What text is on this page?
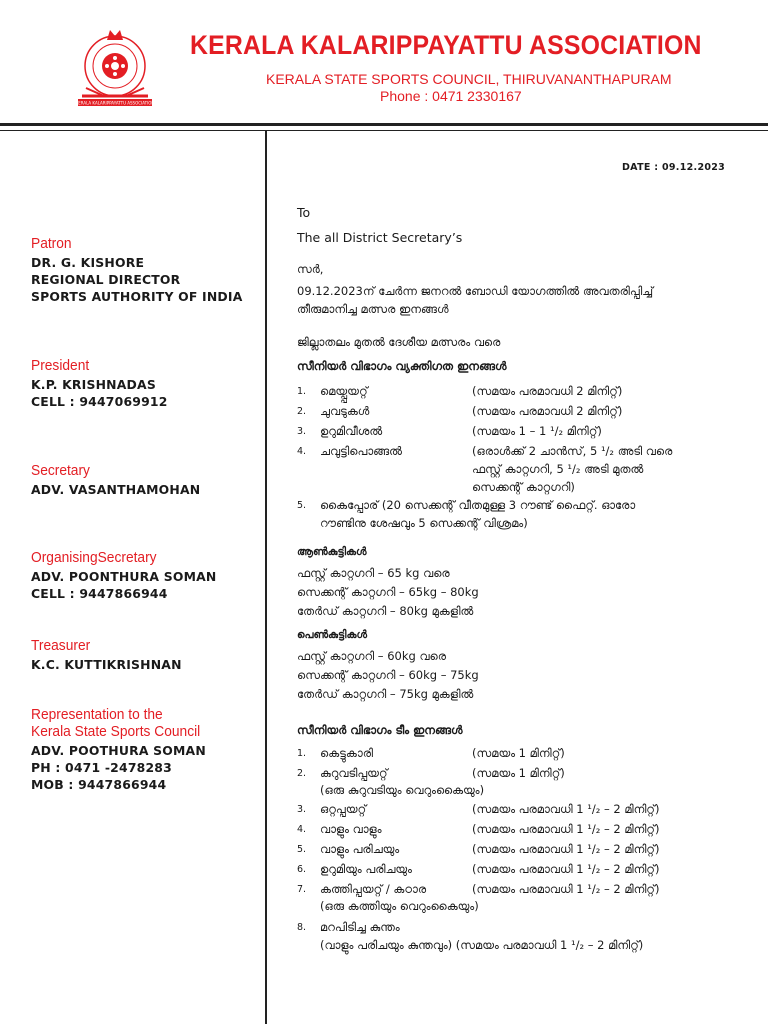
KERALA KALARIPPAYATTU ASSOCIATION
KERALA KALARIPPAYATTU ASSOCIATION
KERALA STATE SPORTS COUNCIL, THIRUVANANTHAPURAM
Phone : 0471 2330167
Patron
DR. G. KISHORE
REGIONAL DIRECTOR
SPORTS AUTHORITY OF INDIA
President
K.P. KRISHNADAS
CELL : 9447069912
Secretary
ADV. VASANTHAMOHAN
OrganisingSecretary
ADV. POONTHURA SOMAN
CELL : 9447866944
Treasurer
K.C. KUTTIKRISHNAN
Representation to the
Kerala State Sports Council
ADV. POOTHURA SOMAN
PH : 0471 -2478283
MOB : 9447866944
DATE : 09.12.2023
To
The all District Secretary’s
സർ,
09.12.2023ന് ചേർന്ന ജനറൽ ബോഡി യോഗത്തിൽ അവതരിപ്പിച്ച്
തീരുമാനിച്ച മത്സര ഇനങ്ങൾ
ജില്ലാതലം മുതൽ ദേശീയ മത്സരം വരെ
സീനിയർ വിഭാഗം വ്യക്തിഗത ഇനങ്ങൾ
1.	മെയ്പ്പയറ്റ്	(സമയം പരമാവധി 2 മിനിറ്റ്)
2.	ചുവടുകൾ	(സമയം പരമാവധി 2 മിനിറ്റ്)
3.	ഉറുമിവീശൽ	(സമയം 1 – 1 ¹/₂ മിനിറ്റ്)
4.	ചവുട്ടിപൊങ്ങൽ	(ഒരാൾക്ക് 2 ചാൻസ്, 5 ¹/₂ അടി വരെ
ഫസ്റ്റ് കാറ്റഗറി, 5 ¹/₂ അടി മുതൽ
സെക്കന്റ് കാറ്റഗറി)
5.	കൈപ്പോര് (20 സെക്കന്റ് വീതമുള്ള 3 റൗണ്ട് ഫൈറ്റ്. ഓരോ
റൗണ്ടിനു ശേഷവും 5 സെക്കന്റ് വിശ്രമം)
ആൺകുട്ടികൾ
ഫസ്റ്റ് കാറ്റഗറി – 65 kg വരെ
സെക്കന്റ് കാറ്റഗറി – 65kg – 80kg
തേർഡ് കാറ്റഗറി – 80kg മുകളിൽ
പെൺകുട്ടികൾ
ഫസ്റ്റ് കാറ്റഗറി – 60kg വരെ
സെക്കന്റ് കാറ്റഗറി – 60kg – 75kg
തേർഡ് കാറ്റഗറി – 75kg മുകളിൽ
സീനിയർ വിഭാഗം ടീം ഇനങ്ങൾ
1.	കെട്ടുകാരി	(സമയം 1 മിനിറ്റ്)
2.	കുറുവടിപ്പയറ്റ്	(സമയം 1 മിനിറ്റ്)
(ഒരു കുറുവടിയും വെറുംകൈയും)
3.	ഒറ്റപ്പയറ്റ്	(സമയം പരമാവധി 1 ¹/₂ – 2 മിനിറ്റ്)
4.	വാളും വാളും	(സമയം പരമാവധി 1 ¹/₂ – 2 മിനിറ്റ്)
5.	വാളും പരിചയും	(സമയം പരമാവധി 1 ¹/₂ – 2 മിനിറ്റ്)
6.	ഉറുമിയും പരിചയും	(സമയം പരമാവധി 1 ¹/₂ – 2 മിനിറ്റ്)
7.	കത്തിപ്പയറ്റ് / കഠാര	(സമയം പരമാവധി 1 ¹/₂ – 2 മിനിറ്റ്)
(ഒരു കത്തിയും വെറുംകൈയും)
8.	മറപിടിച്ച കുന്തം
(വാളും പരിചയും കുന്തവും) (സമയം പരമാവധി 1 ¹/₂ – 2 മിനിറ്റ്)
